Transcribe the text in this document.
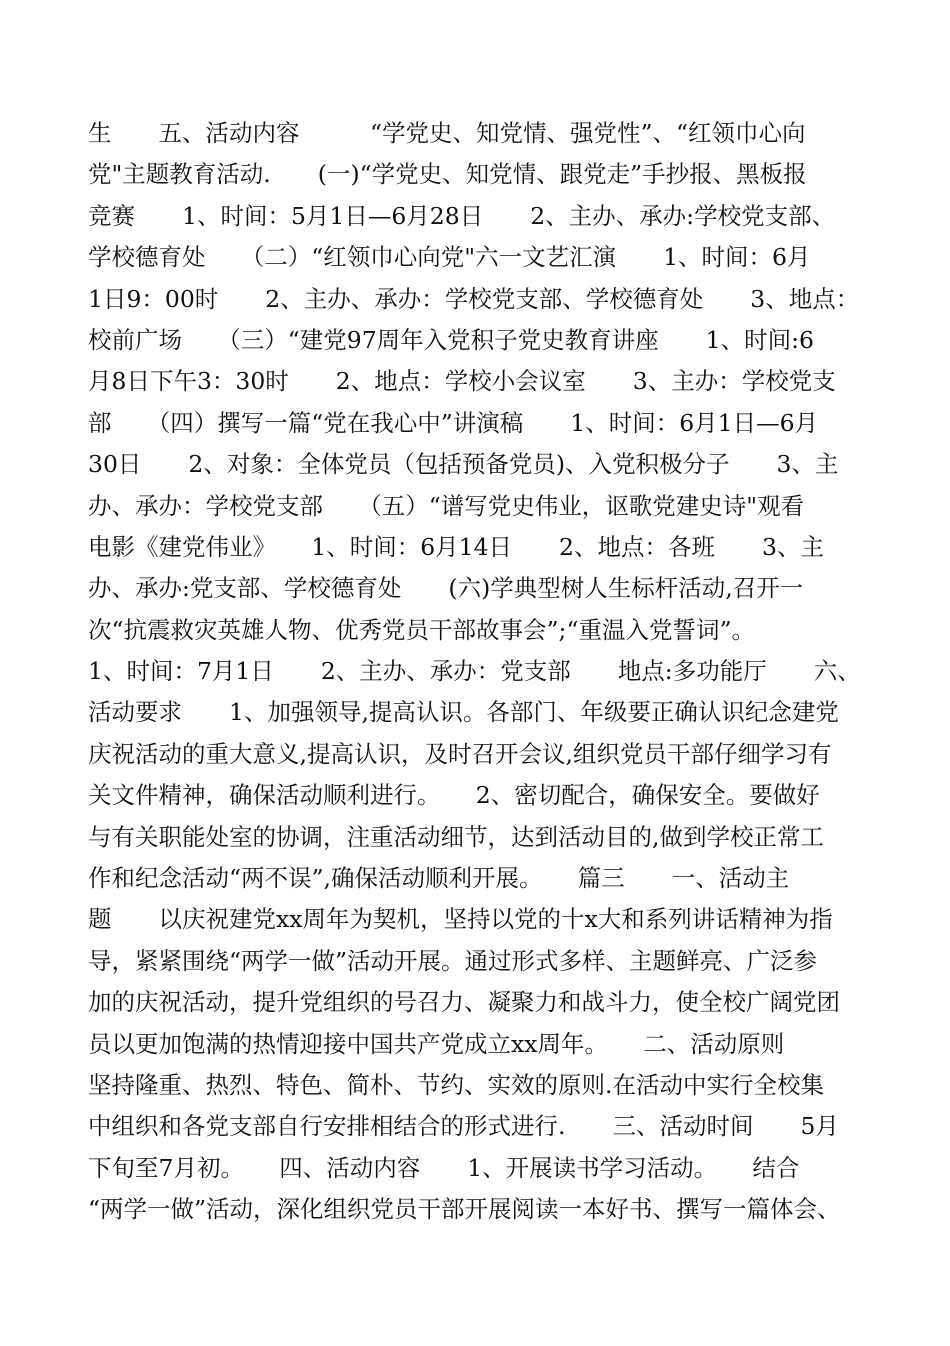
生　　五、活动内容　　　“学党史、知党情、强党性”、“红领巾心向
党"主题教育活动.　　(一)“学党史、知党情、跟党走”手抄报、黑板报
竞赛　　1、时间：5月1日—6月28日　　2、主办、承办:学校党支部、
学校德育处　　（二）“红领巾心向党"六一文艺汇演　　1、时间：6月
1日9：00时　　2、主办、承办：学校党支部、学校德育处　　3、地点：
校前广场　　（三）“建党97周年入党积子党史教育讲座　　1、时间:6
月8日下午3：30时　　2、地点：学校小会议室　　3、主办：学校党支
部　　（四）撰写一篇“党在我心中”讲演稿　　1、时间：6月1日—6月
30日　　2、对象：全体党员（包括预备党员)、入党积极分子　　3、主
办、承办：学校党支部　　（五）“谱写党史伟业，讴歌党建史诗"观看
电影《建党伟业》　　1、时间：6月14日　　2、地点：各班　　3、主
办、承办:党支部、学校德育处　　(六)学典型树人生标杆活动,召开一
次“抗震救灾英雄人物、优秀党员干部故事会”;“重温入党誓词”。
1、时间：7月1日　　2、主办、承办：党支部　　地点:多功能厅　　六、
活动要求　　1、加强领导,提高认识。各部门、年级要正确认识纪念建党
庆祝活动的重大意义,提高认识，及时召开会议,组织党员干部仔细学习有
关文件精神，确保活动顺利进行。　　2、密切配合，确保安全。要做好
与有关职能处室的协调，注重活动细节，达到活动目的,做到学校正常工
作和纪念活动“两不误”,确保活动顺利开展。　　篇三　　一、活动主
题　　以庆祝建党xx周年为契机，坚持以党的十x大和系列讲话精神为指
导，紧紧围绕“两学一做”活动开展。通过形式多样、主题鲜亮、广泛参
加的庆祝活动，提升党组织的号召力、凝聚力和战斗力，使全校广阔党团
员以更加饱满的热情迎接中国共产党成立xx周年。　　二、活动原则
坚持隆重、热烈、特色、简朴、节约、实效的原则.在活动中实行全校集
中组织和各党支部自行安排相结合的形式进行.　　三、活动时间　　5月
下旬至7月初。　　四、活动内容　　1、开展读书学习活动。　　结合
“两学一做”活动，深化组织党员干部开展阅读一本好书、撰写一篇体会、
